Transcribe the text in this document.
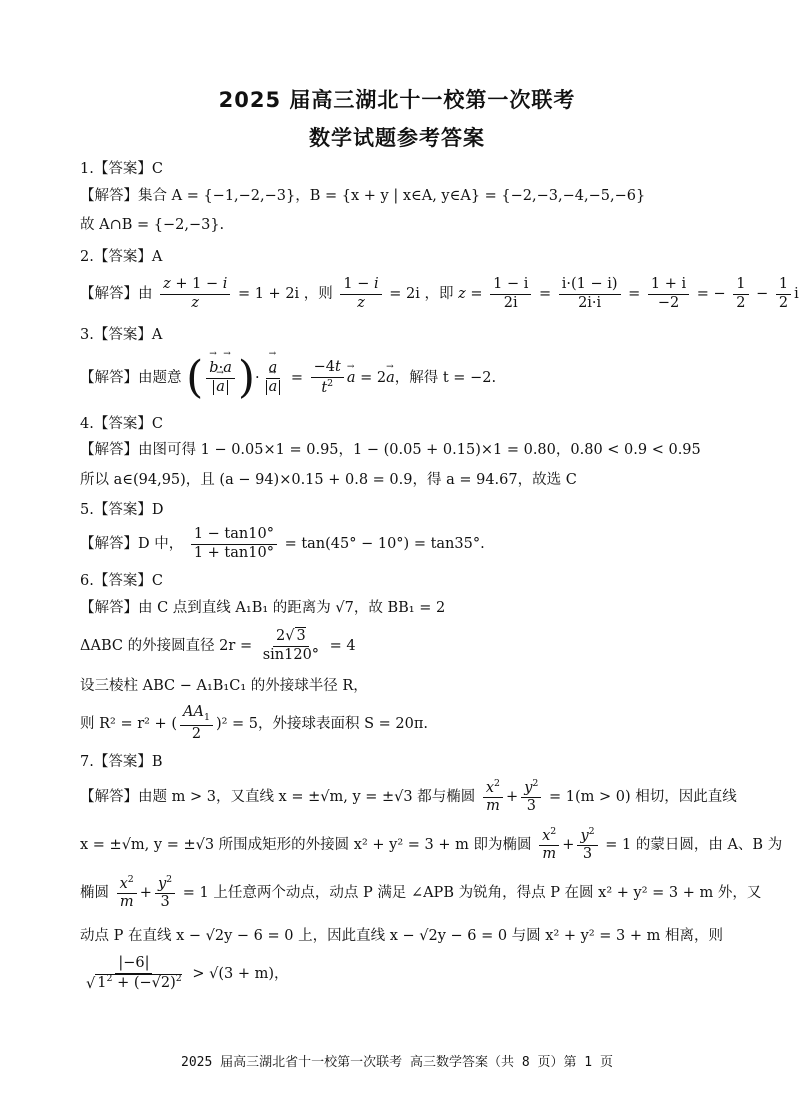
2025 届高三湖北十一校第一次联考
数学试题参考答案
1.【答案】C
【解答】集合 A = {−1,−2,−3}，B = {x + y | x∈A, y∈A} = {−2,−3,−4,−5,−6}
故 A∩B = {−2,−3}.
2.【答案】A
【解答】由 $\frac{z + 1 - i}{z} = 1 + 2i$ ，则 $\frac{1 - i}{z} = 2i$ ，即 $z = \frac{1 - i}{2i} = \frac{i\cdot(1 - i)}{2i\cdot i} = \frac{1 + i}{-2}$ = − $\frac{1}{2} - \frac{1}{2}$ i
3.【答案】A
【解答】由题意 (
→ b·→ a
→ a )·
→ a
→ $a = \frac{-4t}{t^2}$
→ a = 2→ a，解得 t = −2.
4.【答案】C
【解答】由图可得 1 − 0.05×1 = 0.95，1 − (0.05 + 0.15)×1 = 0.80，0.80 < 0.9 < 0.95
所以 a∈(94,95)，且 (a − 94)×0.15 + 0.8 = 0.9，得 a = 94.67，故选 C
5.【答案】D
【解答】D 中， $\frac{1 - \tan 10^\circ}{1 + \tan 10^\circ} = \tan(45^\circ - 10^\circ) = \tan 35^\circ$.
6.【答案】C
【解答】由 C 点到直线 A₁B₁ 的距离为 √7，故 BB₁ = 2
ΔABC 的外接圆直径 $2r = \frac{2√ 3}{\sin 120^\circ} = 4$
设三棱柱 ABC − A₁B₁C₁ 的外接球半径 R，
则 R² = r² + ( $\frac{AA_1}{2} )^2 = 5$，外接球表面积 S = 20π.
7.【答案】B
【解答】由题 m > 3，又直线 x = ±√m, y = ±√3 都与椭圆 $\frac{x^2}{m} + \frac{y^2}{3} = 1(m > 0)$ 相切，因此直线
x = ±√m, y = ±√3 所围成矩形的外接圆 x² + y² = 3 + m 即为椭圆 $\frac{x^2}{m} + \frac{y^2}{3} = 1$ 的蒙日圆，由 A、B 为
椭圆 $\frac{x^2}{m} + \frac{y^2}{3} = 1$ 上任意两个动点，动点 P 满足 ∠APB 为锐角，得点 P 在圆 x² + y² = 3 + m 外，又
动点 P 在直线 x − √2y − 6 = 0 上，因此直线 x − √2y − 6 = 0 与圆 x² + y² = 3 + m 相离，则
$\frac{|-6|}{√ 1^2 + (-√2)^2} > √(3 + m)$，
2025 届高三湖北省十一校第一次联考 高三数学答案（共 8 页）第 1 页
